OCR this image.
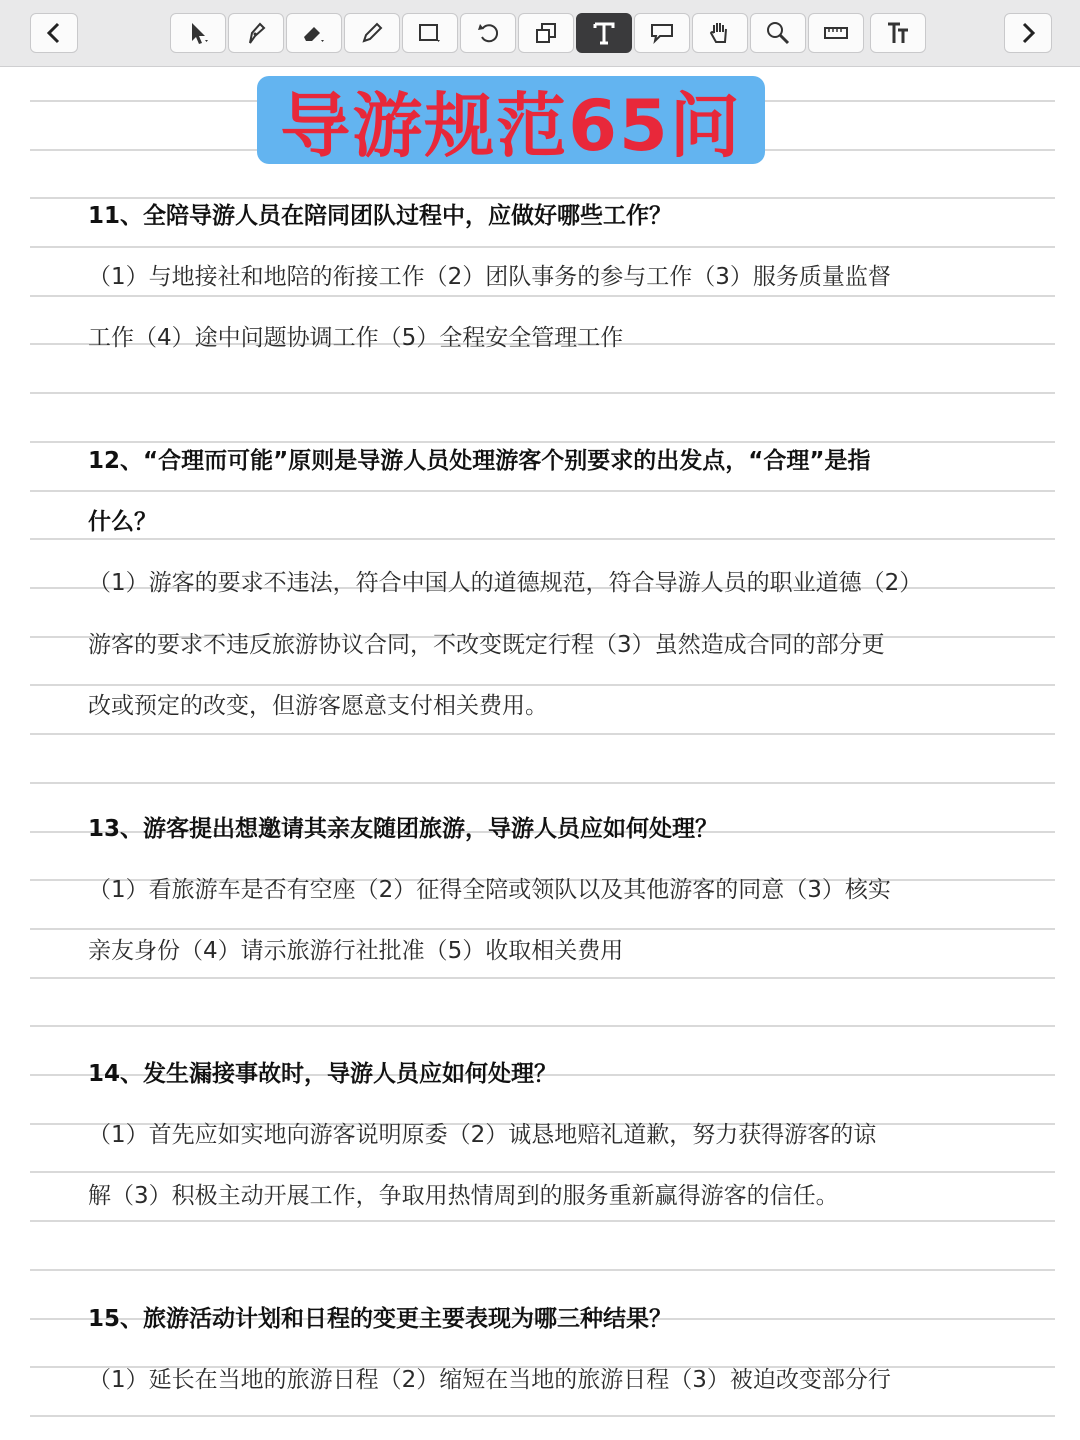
导游规范65问
11、全陪导游人员在陪同团队过程中，应做好哪些工作？
（1）与地接社和地陪的衔接工作（2）团队事务的参与工作（3）服务质量监督
工作（4）途中问题协调工作（5）全程安全管理工作
12、“合理而可能”原则是导游人员处理游客个别要求的出发点，“合理”是指
什么？
（1）游客的要求不违法，符合中国人的道德规范，符合导游人员的职业道德（2）
游客的要求不违反旅游协议合同，不改变既定行程（3）虽然造成合同的部分更
改或预定的改变，但游客愿意支付相关费用。
13、游客提出想邀请其亲友随团旅游，导游人员应如何处理？
（1）看旅游车是否有空座（2）征得全陪或领队以及其他游客的同意（3）核实
亲友身份（4）请示旅游行社批准（5）收取相关费用
14、发生漏接事故时，导游人员应如何处理？
（1）首先应如实地向游客说明原委（2）诚恳地赔礼道歉，努力获得游客的谅
解（3）积极主动开展工作，争取用热情周到的服务重新赢得游客的信任。
15、旅游活动计划和日程的变更主要表现为哪三种结果？
（1）延长在当地的旅游日程（2）缩短在当地的旅游日程（3）被迫改变部分行
